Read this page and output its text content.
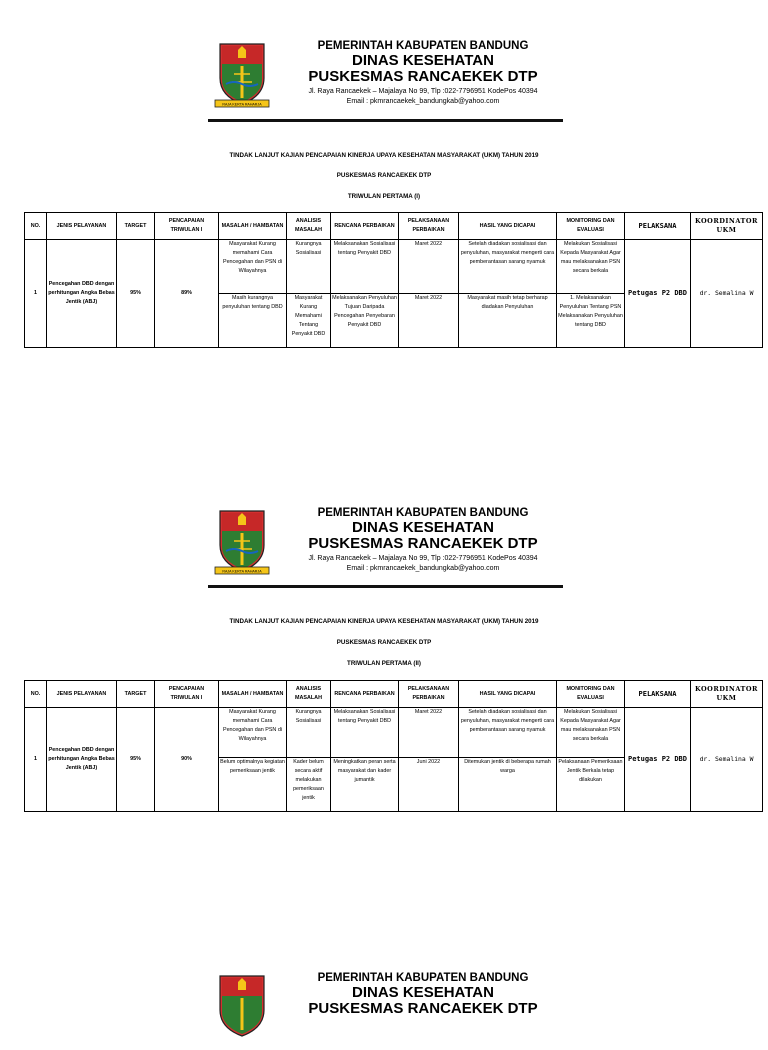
RAJA KERTA RAHARJA
PEMERINTAH KABUPATEN BANDUNG
DINAS KESEHATAN
PUSKESMAS RANCAEKEK DTP
Jl. Raya Rancaekek – Majalaya No 99, Tlp :022-7796951 KodePos 40394
Email : pkmrancaekek_bandungkab@yahoo.com
TINDAK LANJUT KAJIAN PENCAPAIAN KINERJA UPAYA KESEHATAN MASYARAKAT (UKM) TAHUN 2019
PUSKESMAS RANCAEKEK DTP
TRIWULAN PERTAMA (I)
NO.	JENIS PELAYANAN	TARGET	PENCAPAIAN TRIWULAN I	MASALAH / HAMBATAN	ANALISIS MASALAH	RENCANA PERBAIKAN	PELAKSANAAN PERBAIKAN	HASIL YANG DICAPAI	MONITORING DAN EVALUASI	PELAKSANA	KOORDINATOR UKM
1	Pencegahan DBD dengan perhitungan Angka Bebas Jentik (ABJ)	95%	89%	Masyarakat Kurang memahami Cara Pencegahan dan PSN di Wilayahnya	Kurangnya Sosialisasi	Melaksanakan Sosialisasi tentang Penyakit DBD	Maret 2022	Setelah diadakan sosialisasi dan penyuluhan, masyarakat mengerti cara pemberantasan sarang nyamuk	Melakukan Sosialisasi Kepada Masyarakat Agar mau melaksanakan PSN secara berkala	Petugas P2 DBD	dr. Semalina W
				Masih kurangnya penyuluhan tentang DBD	Masyarakat Kurang Memahami Tentang Penyakit DBD	Melaksanakan Penyuluhan Tujuan Daripada Pencegahan Penyebaran Penyakit DBD	Maret 2022	Masyarakat masih tetap berharap diadakan Penyuluhan	1. Melaksanakan Penyuluhan Tentang PSN Melaksanakan Penyuluhan tentang DBD		
RAJA KERTA RAHARJA
PEMERINTAH KABUPATEN BANDUNG
DINAS KESEHATAN
PUSKESMAS RANCAEKEK DTP
Jl. Raya Rancaekek – Majalaya No 99, Tlp :022-7796951 KodePos 40394
Email : pkmrancaekek_bandungkab@yahoo.com
TINDAK LANJUT KAJIAN PENCAPAIAN KINERJA UPAYA KESEHATAN MASYARAKAT (UKM) TAHUN 2019
PUSKESMAS RANCAEKEK DTP
TRIWULAN PERTAMA (II)
NO.	JENIS PELAYANAN	TARGET	PENCAPAIAN TRIWULAN I	MASALAH / HAMBATAN	ANALISIS MASALAH	RENCANA PERBAIKAN	PELAKSANAAN PERBAIKAN	HASIL YANG DICAPAI	MONITORING DAN EVALUASI	PELAKSANA	KOORDINATOR UKM
1	Pencegahan DBD dengan perhitungan Angka Bebas Jentik (ABJ)	95%	90%	Masyarakat Kurang memahami Cara Pencegahan dan PSN di Wilayahnya	Kurangnya Sosialisasi	Melaksanakan Sosialisasi tentang Penyakit DBD	Maret 2022	Setelah diadakan sosialisasi dan penyuluhan, masyarakat mengerti cara pemberantasan sarang nyamuk	Melakukan Sosialisasi Kepada Masyarakat Agar mau melaksanakan PSN secara berkala	Petugas P2 DBD	dr. Semalina W
				Belum optimalnya kegiatan pemeriksaan jentik	Kader belum secara aktif melakukan pemeriksaan jentik	Meningkatkan peran serta masyarakat dan kader jumantik	Juni 2022	Ditemukan jentik di beberapa rumah warga	Pelaksanaan Pemeriksaan Jentik Berkala tetap dilakukan		
PEMERINTAH KABUPATEN BANDUNG
DINAS KESEHATAN
PUSKESMAS RANCAEKEK DTP
